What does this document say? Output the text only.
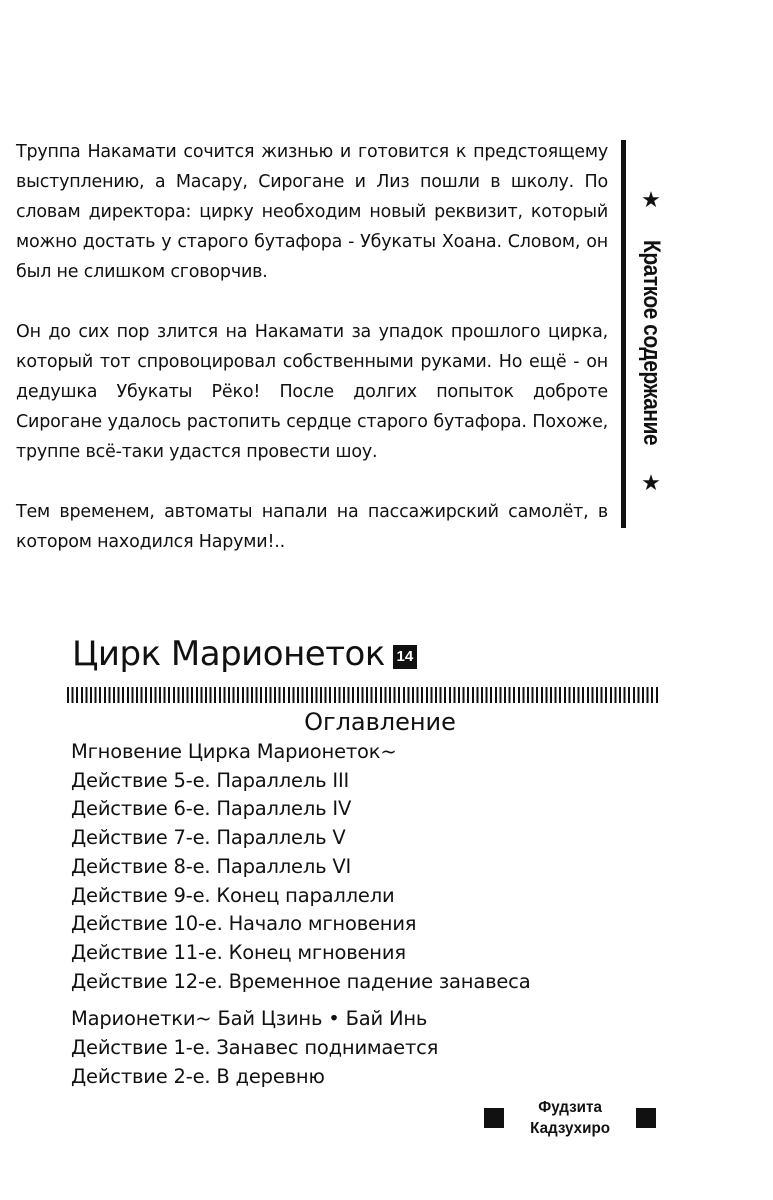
Труппа Накамати сочится жизнью и готовится к предстоящему выступлению, а Масару, Сирогане и Лиз пошли в школу. По словам директора: цирку необходим новый реквизит, который можно достать у старого бутафора - Убукаты Хоана. Словом, он был не слишком сговорчив.

Он до сих пор злится на Накамати за упадок прошлого цирка, который тот спровоцировал собственными руками. Но ещё - он дедушка Убукаты Рёко! После долгих попыток доброте Сирогане удалось растопить сердце старого бутафора. Похоже, труппе всё-таки удастся провести шоу.

Тем временем, автоматы напали на пассажирский самолёт, в котором находился Наруми!..

★
Краткое содержание
★
Цирк Марионеток 14
Оглавление
Мгновение Цирка Марионеток~
Действие 5-е. Параллель III
Действие 6-е. Параллель IV
Действие 7-е. Параллель V
Действие 8-е. Параллель VI
Действие 9-е. Конец параллели
Действие 10-е. Начало мгновения
Действие 11-е. Конец мгновения
Действие 12-е. Временное падение занавеса
Марионетки~ Бай Цзинь • Бай Инь
Действие 1-е. Занавес поднимается
Действие 2-е. В деревню
Фудзита
Кадзухиро
